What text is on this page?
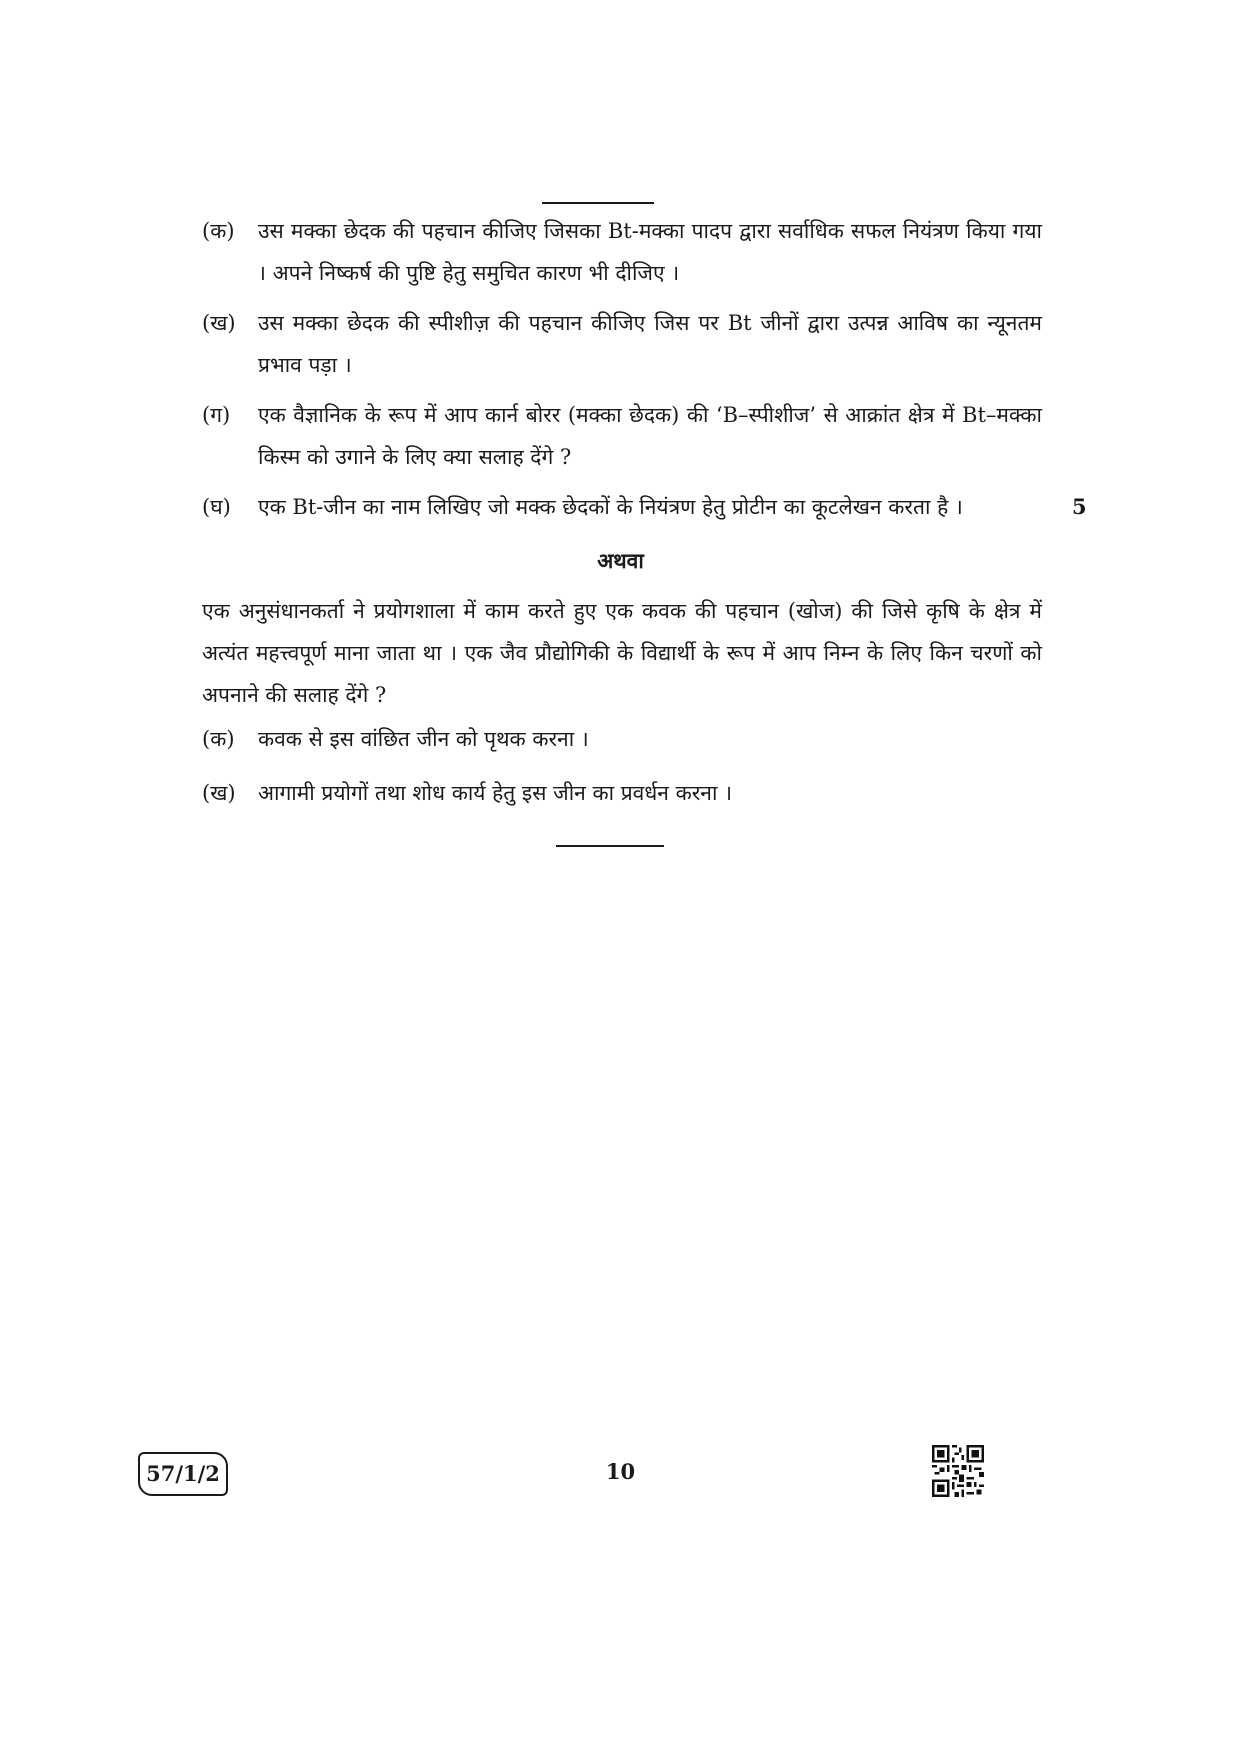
(क)	उस मक्का छेदक की पहचान कीजिए जिसका Bt-मक्का पादप द्वारा सर्वाधिक सफल नियंत्रण किया गया । अपने निष्कर्ष की पुष्टि हेतु समुचित कारण भी दीजिए ।
(ख)	उस मक्का छेदक की स्पीशीज़ की पहचान कीजिए जिस पर Bt जीनों द्वारा उत्पन्न आविष का न्यूनतम प्रभाव पड़ा ।
(ग)	एक वैज्ञानिक के रूप में आप कार्न बोरर (मक्का छेदक) की ‘B–स्पीशीज’ से आक्रांत क्षेत्र में Bt–मक्का किस्म को उगाने के लिए क्या सलाह देंगे ?
(घ)	एक Bt-जीन का नाम लिखिए जो मक्क छेदकों के नियंत्रण हेतु प्रोटीन का कूटलेखन करता है ।	5
अथवा
एक अनुसंधानकर्ता ने प्रयोगशाला में काम करते हुए एक कवक की पहचान (खोज) की जिसे कृषि के क्षेत्र में अत्यंत महत्त्वपूर्ण माना जाता था । एक जैव प्रौद्योगिकी के विद्यार्थी के रूप में आप निम्न के लिए किन चरणों को अपनाने की सलाह देंगे ?
(क)	कवक से इस वांछित जीन को पृथक करना ।
(ख)	आगामी प्रयोगों तथा शोध कार्य हेतु इस जीन का प्रवर्धन करना ।
57/1/2	10
